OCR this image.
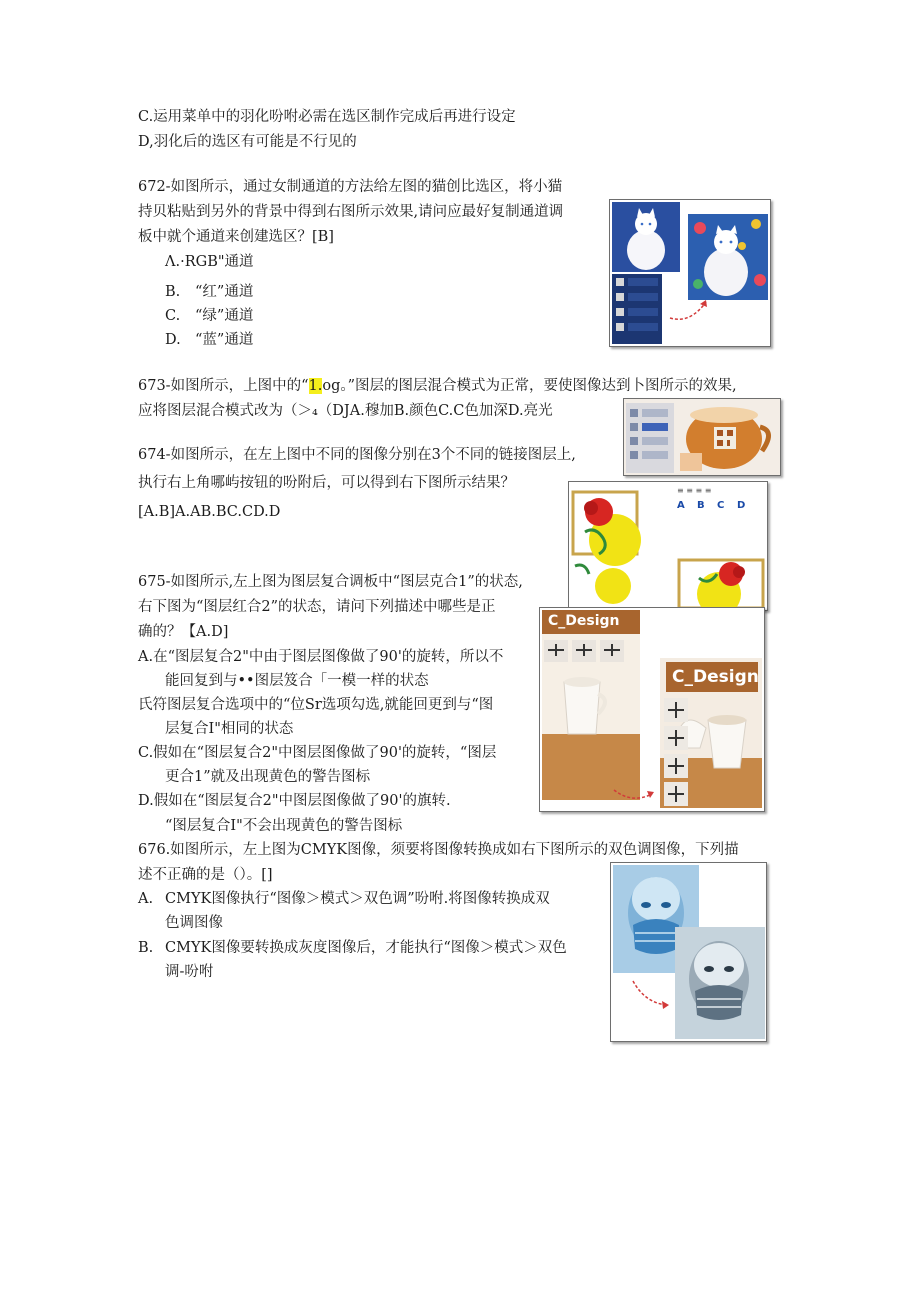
C.运用菜单中的羽化吩咐必需在选区制作完成后再进行设定
D,羽化后的选区有可能是不行见的
672-如图所示，通过女制通道的方法给左图的猫创比选区，将小猫
持贝粘贴到另外的背景中得到右图所示效果,请问应最好复制通道调
板中就个通道来创建选区？[B]
Λ.·RGB"通道
B. “红”通道
C. “绿”通道
D. “蓝”通道
673-如图所示，上图中的“1.og。”图层的图层混合模式为正常，要使图像达到卜图所示的效果,
应将图层混合模式改为（＞₄（DJA.穆加B.颜色C.C色加深D.亮光
674-如图所示，在左上图中不同的图像分别在3个不同的链接图层上,
执行右上角哪屿按钮的吩附后，可以得到右下图所示结果？
[A.B]A.AB.BC.CD.D
675-如图所示,左上图为图层复合调板中“图层克合1”的状态,
右下图为“图层红合2”的状态，请问下列描述中哪些是正
确的？【A.D]
A.在“图层复合2"中由于图层图像做了90'的旋转，所以不
能回复到与••图层笈合「一模一样的状态
氏符图层复合选项中的“位Sr选项勾选,就能回更到与“图
层复合I"相同的状态
C.假如在“图层复合2"中图层图像做了90'的旋转，“图层
更合1”就及出现黄色的警告图标
D.假如在“图层复合2"中图层图像做了90'的旗转.
“图层复合I"不会出现黄色的警告图标
676.如图所示，左上图为CMYK图像，须要将图像转换成如右下图所示的双色调图像，下列描
述不正确的是（）。[]
A. CMYK图像执行“图像＞模式＞双色调”吩咐.将图像转换成双
色调图像
B. CMYK图像要转换成灰度图像后，才能执行“图像＞模式＞双色
调-吩咐
≡ ≡ ≡ ≡
A B C D
C_Design
C_Design
